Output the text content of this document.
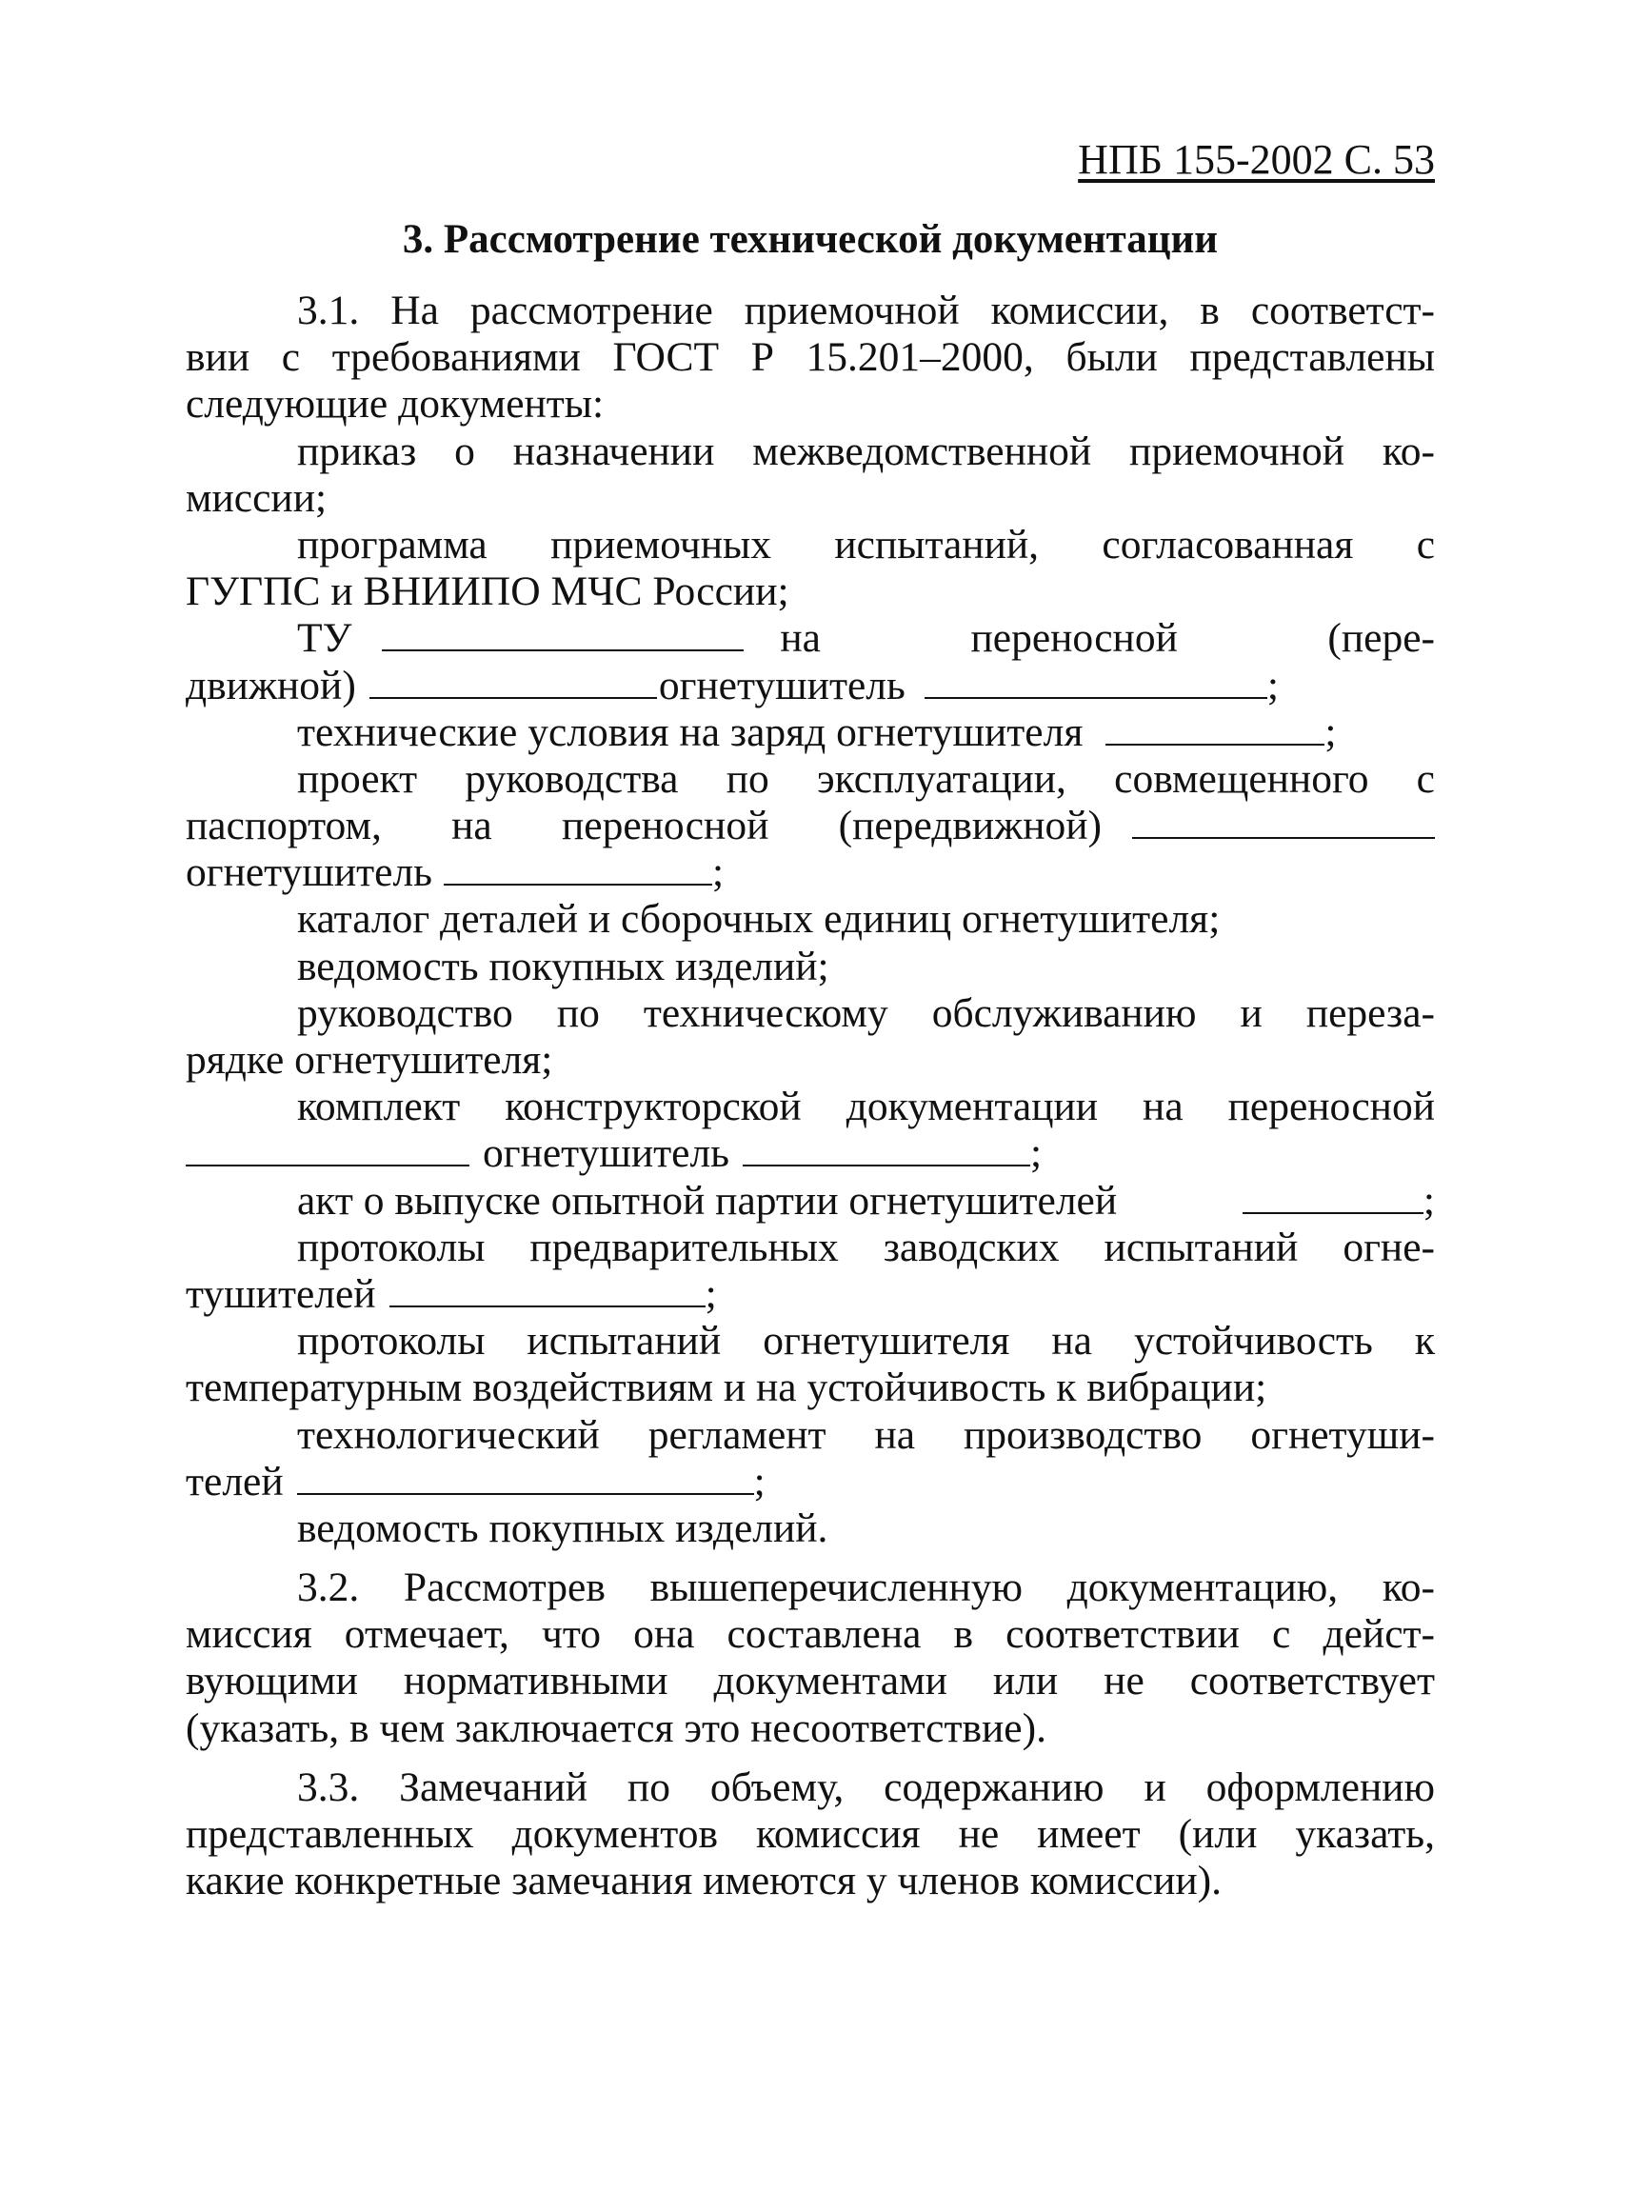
НПБ 155-2002 С. 53
3. Рассмотрение технической документации
3.1. На рассмотрение приемочной комиссии, в соответст-
вии с требованиями ГОСТ Р 15.201–2000, были представлены
следующие документы:
приказ о назначении межведомственной приемочной ко-
миссии;
программа приемочных испытаний, согласованная с
ГУГПС и ВНИИПО МЧС России;
ТУ	на переносной (пере-
движной)	огнетушитель	;
технические условия на заряд огнетушителя	;
проект руководства по эксплуатации, совмещенного с
паспортом, на переносной (передвижной)
огнетушитель	;
каталог деталей и сборочных единиц огнетушителя;
ведомость покупных изделий;
руководство по техническому обслуживанию и переза-
рядке огнетушителя;
комплект конструкторской документации на переносной
огнетушитель	;
акт о выпуске опытной партии огнетушителей	;
протоколы предварительных заводских испытаний огне-
тушителей	;
протоколы испытаний огнетушителя на устойчивость к
температурным воздействиям и на устойчивость к вибрации;
технологический регламент на производство огнетуши-
телей	;
ведомость покупных изделий.
3.2. Рассмотрев вышеперечисленную документацию, ко-
миссия отмечает, что она составлена в соответствии с дейст-
вующими нормативными документами или не соответствует
(указать, в чем заключается это несоответствие).
3.3. Замечаний по объему, содержанию и оформлению
представленных документов комиссия не имеет (или указать,
какие конкретные замечания имеются у членов комиссии).
